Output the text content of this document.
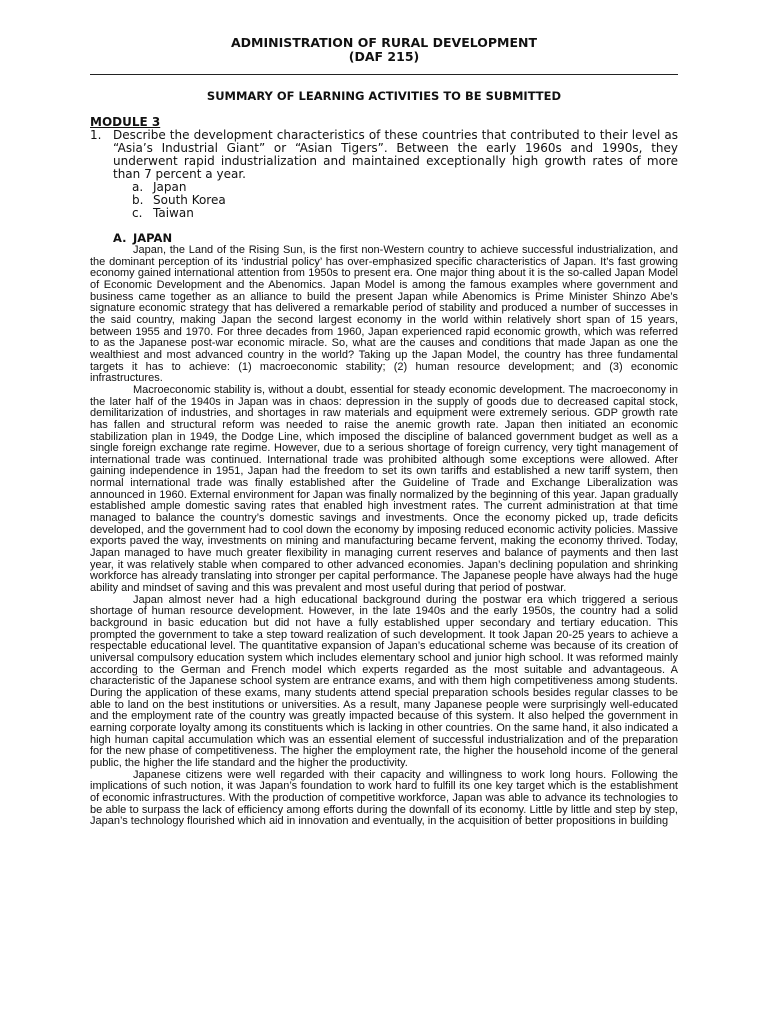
ADMINISTRATION OF RURAL DEVELOPMENT

(DAF 215)

SUMMARY OF LEARNING ACTIVITIES TO BE SUBMITTED

MODULE 3

1. Describe the development characteristics of these countries that contributed to their level as “Asia’s Industrial Giant” or “Asian Tigers”. Between the early 1960s and 1990s, they underwent rapid industrialization and maintained exceptionally high growth rates of more than 7 percent a year.
a. Japan
b. South Korea
c. Taiwan
A. JAPAN

Japan, the Land of the Rising Sun, is the first non-Western country to achieve successful industrialization, and the dominant perception of its ‘industrial policy’ has over-emphasized specific characteristics of Japan. It’s fast growing economy gained international attention from 1950s to present era. One major thing about it is the so-called Japan Model of Economic Development and the Abenomics. Japan Model is among the famous examples where government and business came together as an alliance to build the present Japan while Abenomics is Prime Minister Shinzo Abe’s signature economic strategy that has delivered a remarkable period of stability and produced a number of successes in the said country, making Japan the second largest economy in the world within relatively short span of 15 years, between 1955 and 1970. For three decades from 1960, Japan experienced rapid economic growth, which was referred to as the Japanese post-war economic miracle. So, what are the causes and conditions that made Japan as one the wealthiest and most advanced country in the world? Taking up the Japan Model, the country has three fundamental targets it has to achieve: (1) macroeconomic stability; (2) human resource development; and (3) economic infrastructures.

Macroeconomic stability is, without a doubt, essential for steady economic development. The macroeconomy in the later half of the 1940s in Japan was in chaos: depression in the supply of goods due to decreased capital stock, demilitarization of industries, and shortages in raw materials and equipment were extremely serious. GDP growth rate has fallen and structural reform was needed to raise the anemic growth rate. Japan then initiated an economic stabilization plan in 1949, the Dodge Line, which imposed the discipline of balanced government budget as well as a single foreign exchange rate regime. However, due to a serious shortage of foreign currency, very tight management of international trade was continued. International trade was prohibited although some exceptions were allowed. After gaining independence in 1951, Japan had the freedom to set its own tariffs and established a new tariff system, then normal international trade was finally established after the Guideline of Trade and Exchange Liberalization was announced in 1960. External environment for Japan was finally normalized by the beginning of this year. Japan gradually established ample domestic saving rates that enabled high investment rates. The current administration at that time managed to balance the country’s domestic savings and investments. Once the economy picked up, trade deficits developed, and the government had to cool down the economy by imposing reduced economic activity policies. Massive exports paved the way, investments on mining and manufacturing became fervent, making the economy thrived. Today, Japan managed to have much greater flexibility in managing current reserves and balance of payments and then last year, it was relatively stable when compared to other advanced economies. Japan’s declining population and shrinking workforce has already translating into stronger per capital performance. The Japanese people have always had the huge ability and mindset of saving and this was prevalent and most useful during that period of postwar.

Japan almost never had a high educational background during the postwar era which triggered a serious shortage of human resource development. However, in the late 1940s and the early 1950s, the country had a solid background in basic education but did not have a fully established upper secondary and tertiary education. This prompted the government to take a step toward realization of such development. It took Japan 20-25 years to achieve a respectable educational level. The quantitative expansion of Japan’s educational scheme was because of its creation of universal compulsory education system which includes elementary school and junior high school. It was reformed mainly according to the German and French model which experts regarded as the most suitable and advantageous. A characteristic of the Japanese school system are entrance exams, and with them high competitiveness among students. During the application of these exams, many students attend special preparation schools besides regular classes to be able to land on the best institutions or universities. As a result, many Japanese people were surprisingly well-educated and the employment rate of the country was greatly impacted because of this system. It also helped the government in earning corporate loyalty among its constituents which is lacking in other countries. On the same hand, it also indicated a high human capital accumulation which was an essential element of successful industrialization and of the preparation for the new phase of competitiveness. The higher the employment rate, the higher the household income of the general public, the higher the life standard and the higher the productivity.

Japanese citizens were well regarded with their capacity and willingness to work long hours. Following the implications of such notion, it was Japan’s foundation to work hard to fulfill its one key target which is the establishment of economic infrastructures. With the production of competitive workforce, Japan was able to advance its technologies to be able to surpass the lack of efficiency among efforts during the downfall of its economy. Little by little and step by step, Japan’s technology flourished which aid in innovation and eventually, in the acquisition of better propositions in building
